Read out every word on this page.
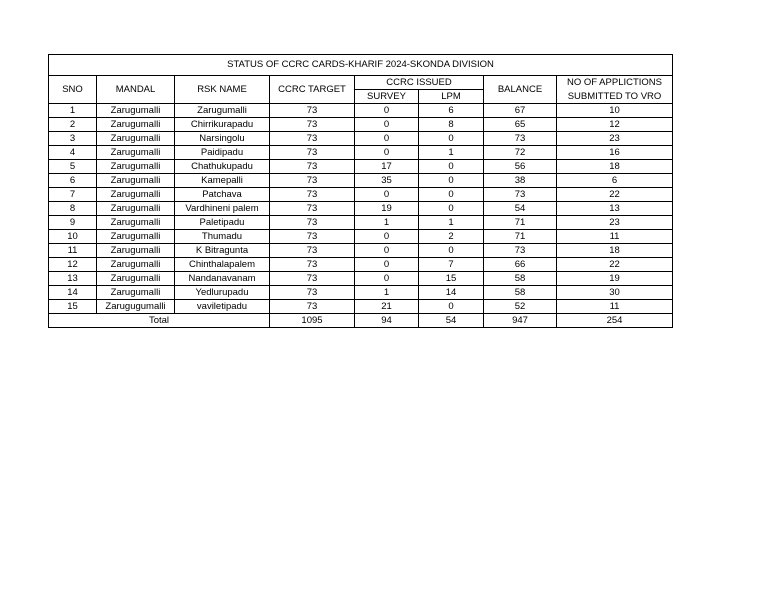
STATUS OF CCRC CARDS-KHARIF 2024-SKONDA DIVISION							
SNO	MANDAL	RSK NAME	CCRC TARGET	CCRC ISSUED		BALANCE	NO OF APPLICTIONS
SUBMITTED TO VRO
				SURVEY	LPM		
1	Zarugumalli	Zarugumalli	73	0	6	67	10
2	Zarugumalli	Chirrikurapadu	73	0	8	65	12
3	Zarugumalli	Narsingolu	73	0	0	73	23
4	Zarugumalli	Paidipadu	73	0	1	72	16
5	Zarugumalli	Chathukupadu	73	17	0	56	18
6	Zarugumalli	Kamepalli	73	35	0	38	6
7	Zarugumalli	Patchava	73	0	0	73	22
8	Zarugumalli	Vardhineni palem	73	19	0	54	13
9	Zarugumalli	Paletipadu	73	1	1	71	23
10	Zarugumalli	Thumadu	73	0	2	71	11
11	Zarugumalli	K Bitragunta	73	0	0	73	18
12	Zarugumalli	Chinthalapalem	73	0	7	66	22
13	Zarugumalli	Nandanavanam	73	0	15	58	19
14	Zarugumalli	Yedlurupadu	73	1	14	58	30
15	Zarugugumalli	vaviletipadu	73	21	0	52	11
Total			1095	94	54	947	254
